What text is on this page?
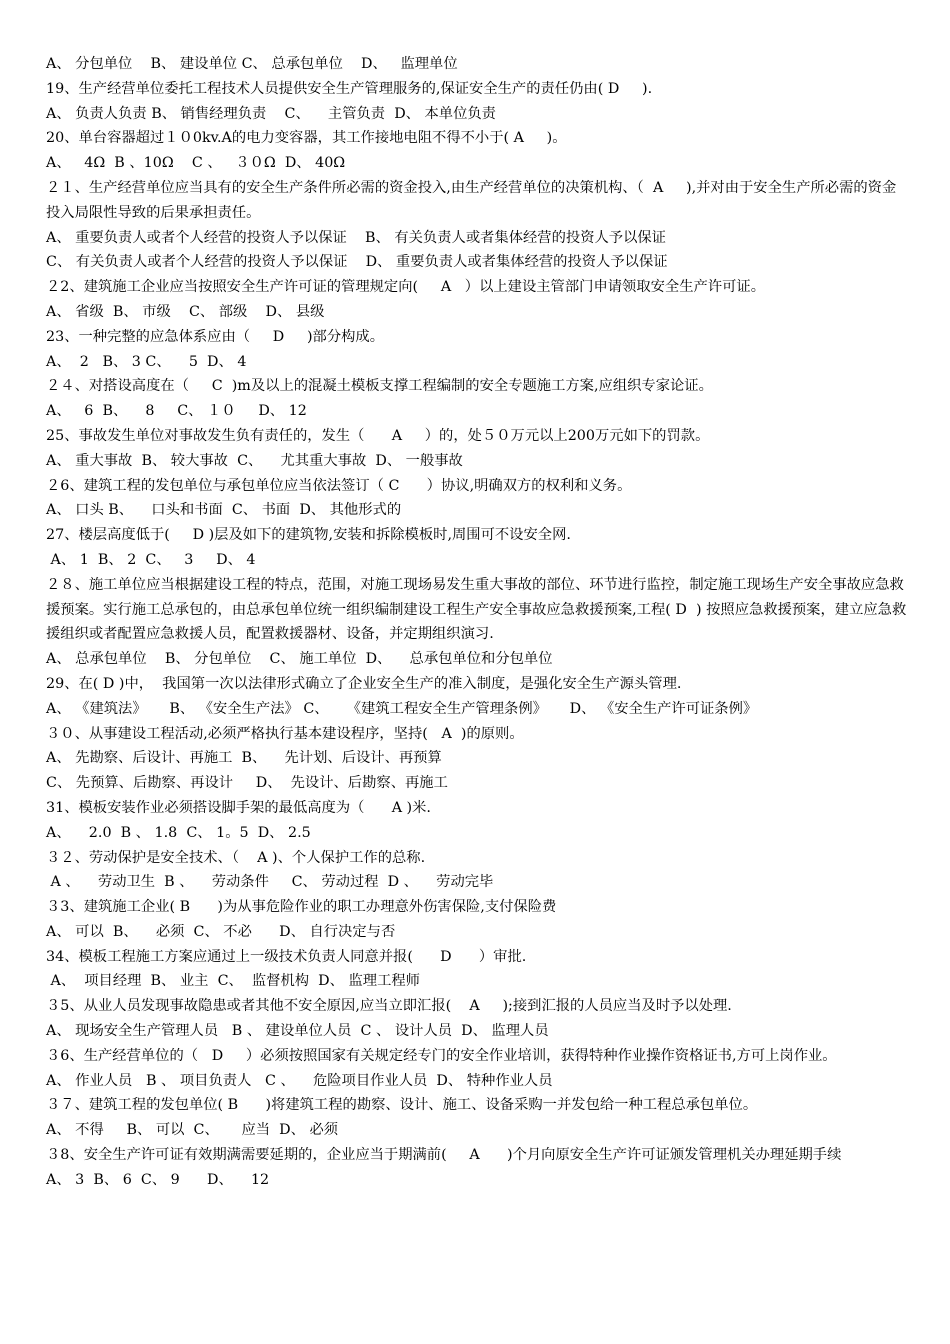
A、 分包单位    B、 建设单位 C、 总承包单位    D、   监理单位
19、生产经营单位委托工程技术人员提供安全生产管理服务的,保证安全生产的责任仍由( D     ).
A、 负责人负责 B、 销售经理负责    C、    主管负责  D、 本单位负责
20、单台容器超过１０0kv.A的电力变容器，其工作接地电阻不得不小于( A     )。
A、   4Ω  B 、10Ω    C 、   ３０Ω  D、 40Ω
２１、生产经营单位应当具有的安全生产条件所必需的资金投入,由生产经营单位的决策机构、（  A     ),并对由于安全生产所必需的资金投入局限性导致的后果承担责任。
A、 重要负责人或者个人经营的投资人予以保证    B、 有关负责人或者集体经营的投资人予以保证
C、 有关负责人或者个人经营的投资人予以保证    D、 重要负责人或者集体经营的投资人予以保证
２2、建筑施工企业应当按照安全生产许可证的管理规定向(     A   ）以上建设主管部门申请领取安全生产许可证。
A、 省级  B、 市级    C、 部级    D、 县级
23、一种完整的应急体系应由（     D     )部分构成。
A、  2   B、 3 C、    5  D、 4
２４、对搭设高度在（     C  )m及以上的混凝土模板支撑工程编制的安全专题施工方案,应组织专家论证。
A、   6  B、    8     C、 １０     D、 12
25、事故发生单位对事故发生负有责任的，发生（      A     ）的，处５０万元以上200万元如下的罚款。
A、 重大事故  B、 较大事故  C、    尤其重大事故  D、 一般事故
２6、建筑工程的发包单位与承包单位应当依法签订（ C      ）协议,明确双方的权利和义务。
A、 口头 B、    口头和书面  C、 书面  D、 其他形式的
27、楼层高度低于(     D )层及如下的建筑物,安装和拆除模板时,周围可不设安全网.
A、 1  B、 2  C、   3     D、 4
２８、施工单位应当根据建设工程的特点，范围，对施工现场易发生重大事故的部位、环节进行监控，制定施工现场生产安全事故应急救援预案。实行施工总承包的，由总承包单位统一组织编制建设工程生产安全事故应急救援预案,工程( D  ) 按照应急救援预案，建立应急救援组织或者配置应急救援人员，配置救援器材、设备，并定期组织演习.
A、 总承包单位    B、 分包单位    C、 施工单位  D、    总承包单位和分包单位
29、在( D )中，  我国第一次以法律形式确立了企业安全生产的准入制度，是强化安全生产源头管理.
A、 《建筑法》     B、 《安全生产法》 C、    《建筑工程安全生产管理条例》     D、 《安全生产许可证条例》
３０、从事建设工程活动,必须严格执行基本建设程序，坚持(   A  )的原则。
A、 先勘察、后设计、再施工  B、    先计划、后设计、再预算
C、 先预算、后勘察、再设计     D、  先设计、后勘察、再施工
31、模板安装作业必须搭设脚手架的最低高度为（      A )米.
A、    2.0  B 、 1.8  C、 1。5  D、 2.5
３２、劳动保护是安全技术、（    A )、个人保护工作的总称.
A 、    劳动卫生  B 、    劳动条件     C、 劳动过程  D 、    劳动完毕
３3、建筑施工企业( B      )为从事危险作业的职工办理意外伤害保险,支付保险费
A、 可以  B、    必须  C、 不必      D、 自行决定与否
34、模板工程施工方案应通过上一级技术负责人同意并报(      D      ）审批.
A、  项目经理  B、 业主  C、  监督机构  D、 监理工程师
３5、从业人员发现事故隐患或者其他不安全原因,应当立即汇报(    A     );接到汇报的人员应当及时予以处理.
A、 现场安全生产管理人员   B 、 建设单位人员  C 、 设计人员  D、 监理人员
３6、生产经营单位的（   D     ）必须按照国家有关规定经专门的安全作业培训，获得特种作业操作资格证书,方可上岗作业。
A、 作业人员   B 、 项目负责人   C 、    危险项目作业人员  D、 特种作业人员
３７、建筑工程的发包单位( B      )将建筑工程的勘察、设计、施工、设备采购一并发包给一种工程总承包单位。
A、 不得     B、 可以  C、     应当  D、 必须
３8、安全生产许可证有效期满需要延期的，企业应当于期满前(     A      )个月向原安全生产许可证颁发管理机关办理延期手续
A、 3  B、 6  C、 9      D、    12
